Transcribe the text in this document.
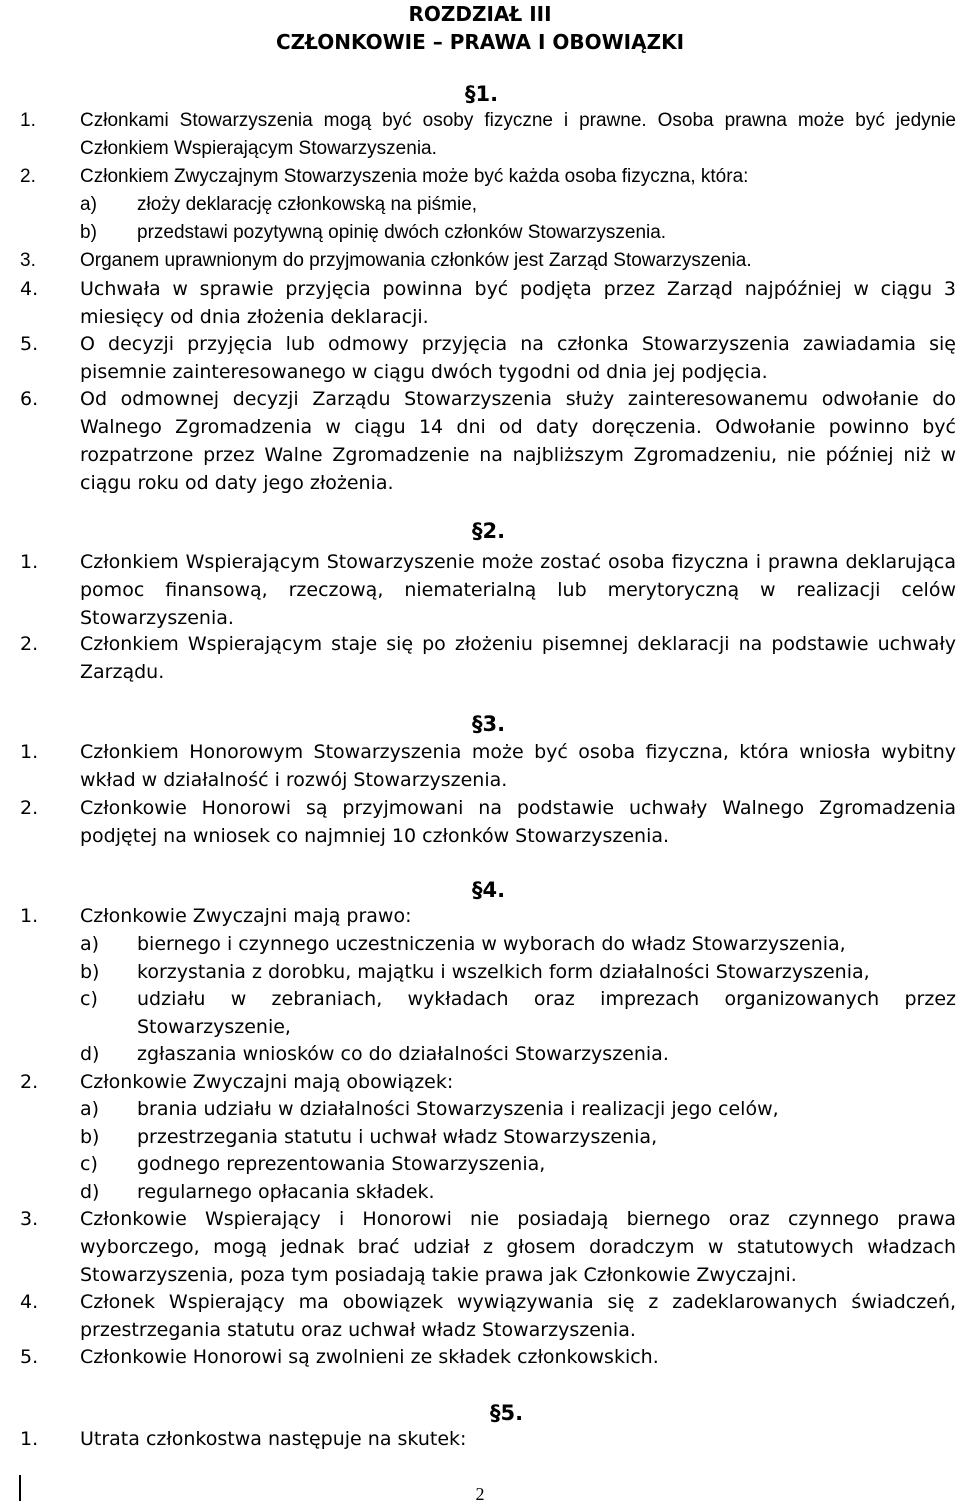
ROZDZIAŁ III
CZŁONKOWIE – PRAWA I OBOWIĄZKI
§1.
1. Członkami Stowarzyszenia mogą być osoby fizyczne i prawne. Osoba prawna może być jedynie Członkiem Wspierającym Stowarzyszenia.
2. Członkiem Zwyczajnym Stowarzyszenia może być każda osoba fizyczna, która:
a) złoży deklarację członkowską na piśmie,
b) przedstawi pozytywną opinię dwóch członków Stowarzyszenia.
3. Organem uprawnionym do przyjmowania członków jest Zarząd Stowarzyszenia.
4. Uchwała w sprawie przyjęcia powinna być podjęta przez Zarząd najpóźniej w ciągu 3 miesięcy od dnia złożenia deklaracji.
5. O decyzji przyjęcia lub odmowy przyjęcia na członka Stowarzyszenia zawiadamia się pisemnie zainteresowanego w ciągu dwóch tygodni od dnia jej podjęcia.
6. Od odmownej decyzji Zarządu Stowarzyszenia służy zainteresowanemu odwołanie do Walnego Zgromadzenia w ciągu 14 dni od daty doręczenia. Odwołanie powinno być rozpatrzone przez Walne Zgromadzenie na najbliższym Zgromadzeniu, nie później niż w ciągu roku od daty jego złożenia.
§2.
1. Członkiem Wspierającym Stowarzyszenie może zostać osoba fizyczna i prawna deklarująca pomoc finansową, rzeczową, niematerialną lub merytoryczną w realizacji celów Stowarzyszenia.
2. Członkiem Wspierającym staje się po złożeniu pisemnej deklaracji na podstawie uchwały Zarządu.
§3.
1. Członkiem Honorowym Stowarzyszenia może być osoba fizyczna, która wniosła wybitny wkład w działalność i rozwój Stowarzyszenia.
2. Członkowie Honorowi są przyjmowani na podstawie uchwały Walnego Zgromadzenia podjętej na wniosek co najmniej 10 członków Stowarzyszenia.
§4.
1. Członkowie Zwyczajni mają prawo:
a) biernego i czynnego uczestniczenia w wyborach do władz Stowarzyszenia,
b) korzystania z dorobku, majątku i wszelkich form działalności Stowarzyszenia,
c) udziału w zebraniach, wykładach oraz imprezach organizowanych przez Stowarzyszenie,
d) zgłaszania wniosków co do działalności Stowarzyszenia.
2. Członkowie Zwyczajni mają obowiązek:
a) brania udziału w działalności Stowarzyszenia i realizacji jego celów,
b) przestrzegania statutu i uchwał władz Stowarzyszenia,
c) godnego reprezentowania Stowarzyszenia,
d) regularnego opłacania składek.
3. Członkowie Wspierający i Honorowi nie posiadają biernego oraz czynnego prawa wyborczego, mogą jednak brać udział z głosem doradczym w statutowych władzach Stowarzyszenia, poza tym posiadają takie prawa jak Członkowie Zwyczajni.
4. Członek Wspierający ma obowiązek wywiązywania się z zadeklarowanych świadczeń, przestrzegania statutu oraz uchwał władz Stowarzyszenia.
5. Członkowie Honorowi są zwolnieni ze składek członkowskich.
§5.
1. Utrata członkostwa następuje na skutek:
2
